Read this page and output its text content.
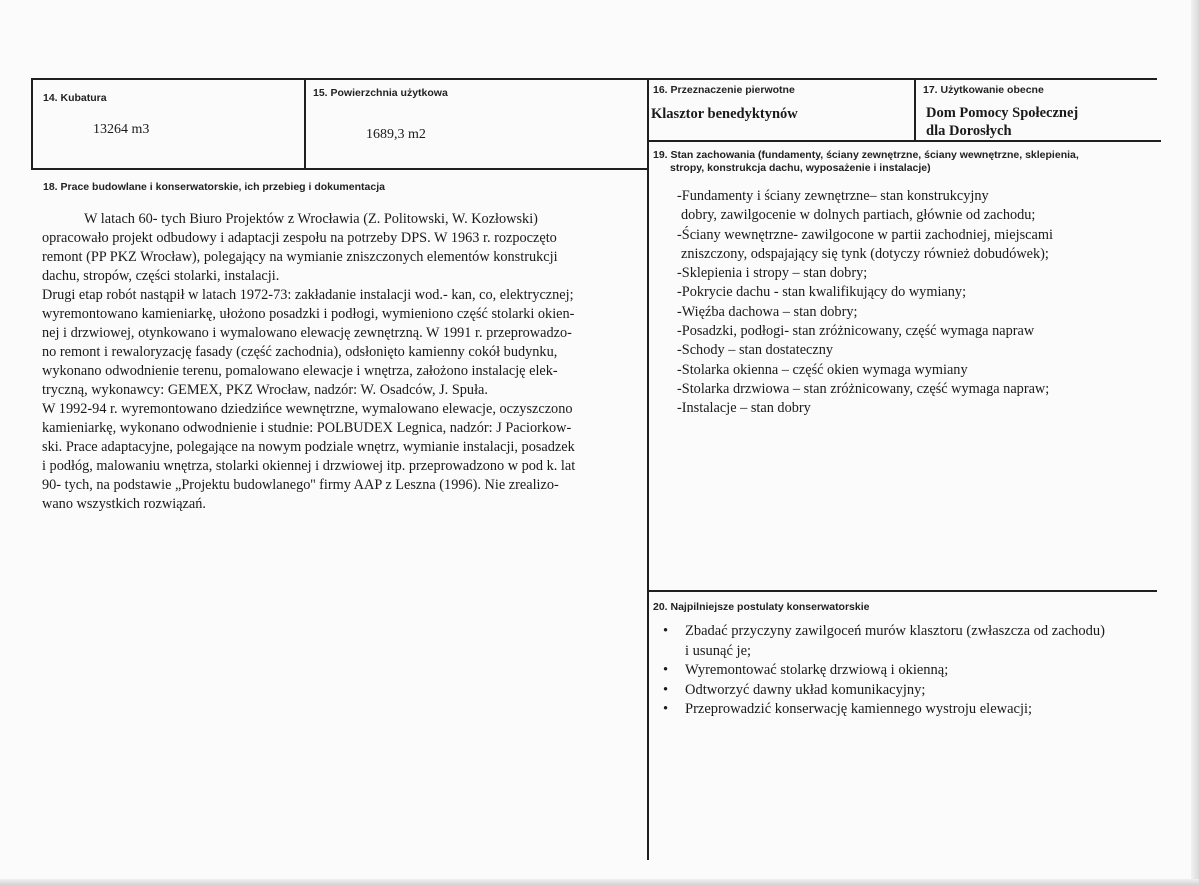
14. Kubatura
13264 m3
15. Powierzchnia użytkowa
1689,3 m2
16. Przeznaczenie pierwotne
Klasztor benedyktynów
17. Użytkowanie obecne
Dom Pomocy Społecznej
dla Dorosłych
18. Prace budowlane i konserwatorskie, ich przebieg i dokumentacja

W latach 60- tych Biuro Projektów z Wrocławia (Z. Politowski, W. Kozłowski)

opracowało projekt odbudowy i adaptacji zespołu na potrzeby DPS. W 1963 r. rozpoczęto

remont (PP PKZ Wrocław), polegający na wymianie zniszczonych elementów konstrukcji

dachu, stropów, części stolarki, instalacji.

Drugi etap robót nastąpił w latach 1972-73: zakładanie instalacji wod.- kan, co, elektrycznej;

wyremontowano kamieniarkę, ułożono posadzki i podłogi, wymieniono część stolarki okien-

nej i drzwiowej, otynkowano i wymalowano elewację zewnętrzną. W 1991 r. przeprowadzo-

no remont i rewaloryzację fasady (część zachodnia), odsłonięto kamienny cokół budynku,

wykonano odwodnienie terenu, pomalowano elewacje i wnętrza, założono instalację elek-

tryczną, wykonawcy: GEMEX, PKZ Wrocław, nadzór: W. Osadców, J. Spuła.

W 1992-94 r. wyremontowano dziedzińce wewnętrzne, wymalowano elewacje, oczyszczono

kamieniarkę, wykonano odwodnienie i studnie: POLBUDEX Legnica, nadzór: J Paciorkow-

ski. Prace adaptacyjne, polegające na nowym podziale wnętrz, wymianie instalacji, posadzek

i podłóg, malowaniu wnętrza, stolarki okiennej i drzwiowej itp. przeprowadzono w pod k. lat

90- tych, na podstawie „Projektu budowlanego'' firmy AAP z Leszna (1996). Nie zrealizo-

wano wszystkich rozwiązań.

19. Stan zachowania (fundamenty, ściany zewnętrzne, ściany wewnętrzne, sklepienia,
stropy, konstrukcja dachu, wyposażenie i instalacje)
-Fundamenty i ściany zewnętrzne– stan konstrukcyjny
dobry, zawilgocenie w dolnych partiach, głównie od zachodu;
-Ściany wewnętrzne- zawilgocone w partii zachodniej, miejscami
zniszczony, odspajający się tynk (dotyczy również dobudówek);
-Sklepienia i stropy – stan dobry;
-Pokrycie dachu - stan kwalifikujący do wymiany;
-Więźba dachowa – stan dobry;
-Posadzki, podłogi- stan zróżnicowany, część wymaga napraw
-Schody – stan dostateczny
-Stolarka okienna – część okien wymaga wymiany
-Stolarka drzwiowa – stan zróżnicowany, część wymaga napraw;
-Instalacje – stan dobry
20. Najpilniejsze postulaty konserwatorskie
• Zbadać przyczyny zawilgoceń murów klasztoru (zwłaszcza od zachodu)
i usunąć je;
• Wyremontować stolarkę drzwiową i okienną;
• Odtworzyć dawny układ komunikacyjny;
• Przeprowadzić konserwację kamiennego wystroju elewacji;
